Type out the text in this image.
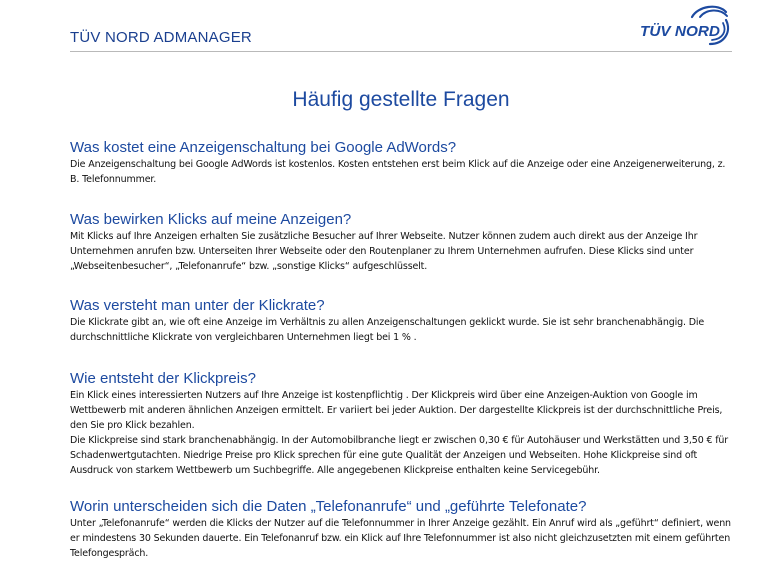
TÜV NORD ADMANAGER	TÜV NORD
Häufig gestellte Fragen
Was kostet eine Anzeigenschaltung bei Google AdWords?

Die Anzeigenschaltung bei Google AdWords ist kostenlos. Kosten entstehen erst beim Klick auf die Anzeige oder eine Anzeigenerweiterung, z. B. Telefonnummer.

Was bewirken Klicks auf meine Anzeigen?

Mit Klicks auf Ihre Anzeigen erhalten Sie zusätzliche Besucher auf Ihrer Webseite. Nutzer können zudem auch direkt aus der Anzeige Ihr Unternehmen anrufen bzw. Unterseiten Ihrer Webseite oder den Routenplaner zu Ihrem Unternehmen aufrufen. Diese Klicks sind unter „Webseitenbesucher“, „Telefonanrufe“ bzw. „sonstige Klicks“ aufgeschlüsselt.

Was versteht man unter der Klickrate?

Die Klickrate gibt an, wie oft eine Anzeige im Verhältnis zu allen Anzeigenschaltungen geklickt wurde. Sie ist sehr branchenabhängig. Die durchschnittliche Klickrate von vergleichbaren Unternehmen liegt bei 1 % .

Wie entsteht der Klickpreis?

Ein Klick eines interessierten Nutzers auf Ihre Anzeige ist kostenpflichtig . Der Klickpreis wird über eine Anzeigen-Auktion von Google im Wettbewerb mit anderen ähnlichen Anzeigen ermittelt. Er variiert bei jeder Auktion. Der dargestellte Klickpreis ist der durchschnittliche Preis, den Sie pro Klick bezahlen.

Die Klickpreise sind stark branchenabhängig. In der Automobilbranche liegt er zwischen 0,30 € für Autohäuser und Werkstätten und 3,50 € für Schadenwertgutachten. Niedrige Preise pro Klick sprechen für eine gute Qualität der Anzeigen und Webseiten. Hohe Klickpreise sind oft Ausdruck von starkem Wettbewerb um Suchbegriffe. Alle angegebenen Klickpreise enthalten keine Servicegebühr.

Worin unterscheiden sich die Daten „Telefonanrufe“ und „geführte Telefonate?

Unter „Telefonanrufe“ werden die Klicks der Nutzer auf die Telefonnummer in Ihrer Anzeige gezählt. Ein Anruf wird als „geführt“ definiert, wenn er mindestens 30 Sekunden dauerte. Ein Telefonanruf bzw. ein Klick auf Ihre Telefonnummer ist also nicht gleichzusetzten mit einem geführten Telefongespräch.
